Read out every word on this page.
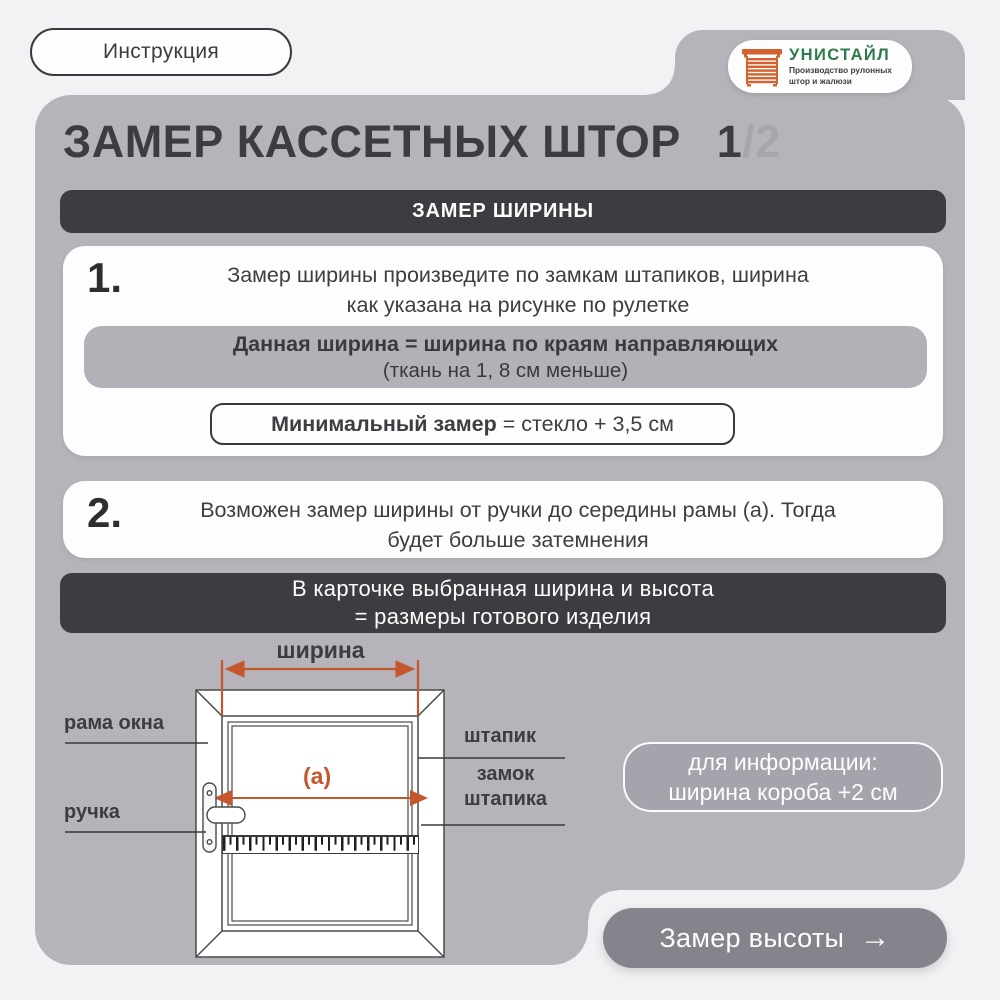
Инструкция	УНИСТАЙЛ
Производство рулонных
штор и жалюзи
ЗАМЕР КАССЕТНЫХ ШТОР 1/2
ЗАМЕР ШИРИНЫ
1.	Замер ширины произведите по замкам штапиков, ширина
как указана на рисунке по рулетке
Данная ширина = ширина по краям направляющих
(ткань на 1, 8 см меньше)
Минимальный замер = стекло + 3,5 см
2.	Возможен замер ширины от ручки до середины рамы (а). Тогда
будет больше затемнения
В карточке выбранная ширина и высота
= размеры готового изделия
ширина
рама окна
ручка
штапик
замок
штапика
(а)
для информации:
ширина короба +2 см
Замер высоты →
